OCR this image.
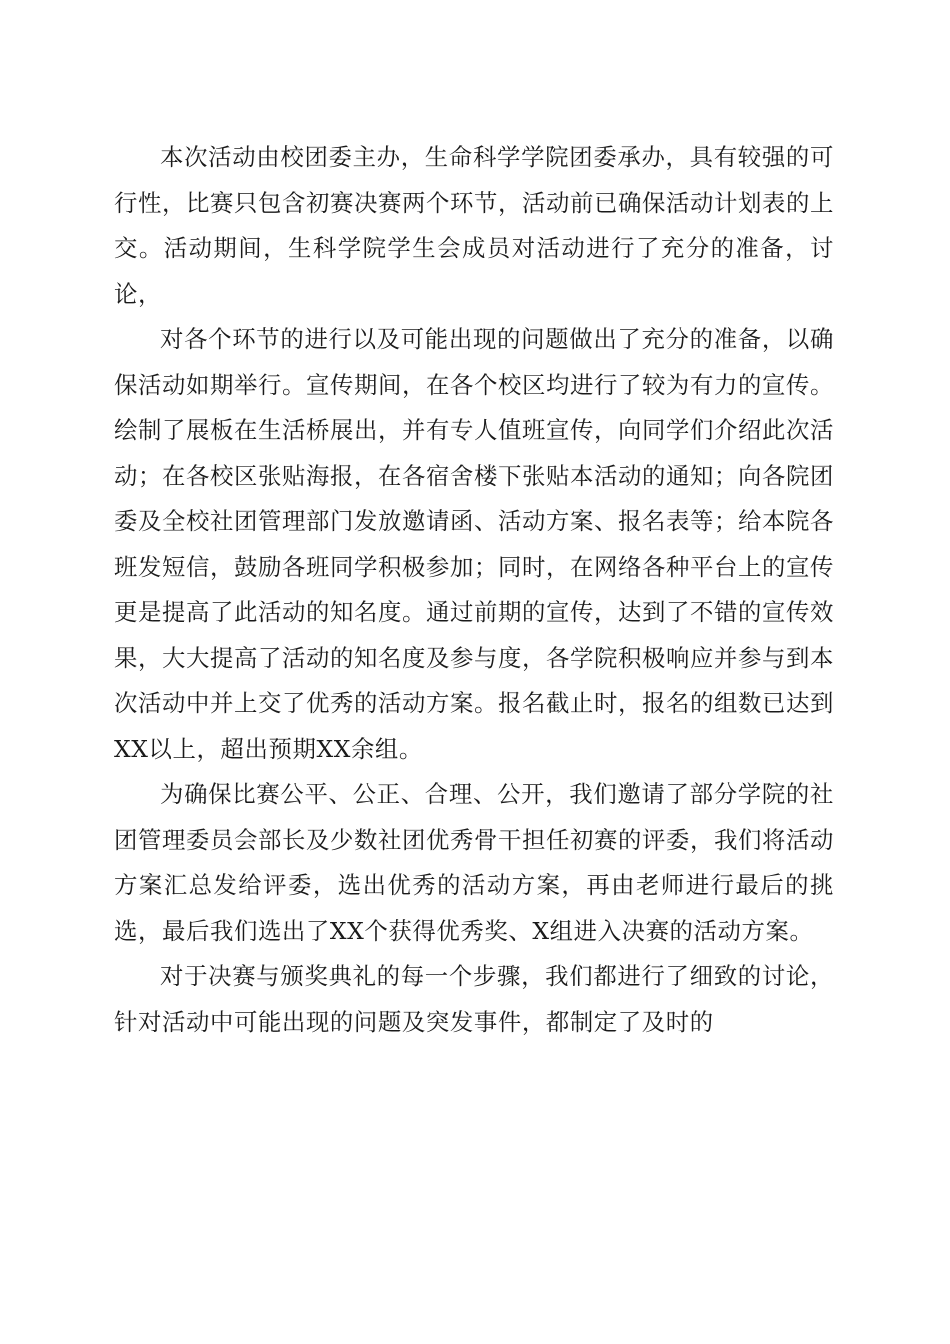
本次活动由校团委主办，生命科学学院团委承办，具有较强的可行性，比赛只包含初赛决赛两个环节，活动前已确保活动计划表的上交。活动期间，生科学院学生会成员对活动进行了充分的准备，讨论，

对各个环节的进行以及可能出现的问题做出了充分的准备，以确保活动如期举行。宣传期间，在各个校区均进行了较为有力的宣传。绘制了展板在生活桥展出，并有专人值班宣传，向同学们介绍此次活动；在各校区张贴海报，在各宿舍楼下张贴本活动的通知；向各院团委及全校社团管理部门发放邀请函、活动方案、报名表等；给本院各班发短信，鼓励各班同学积极参加；同时，在网络各种平台上的宣传更是提高了此活动的知名度。通过前期的宣传，达到了不错的宣传效果，大大提高了活动的知名度及参与度，各学院积极响应并参与到本次活动中并上交了优秀的活动方案。报名截止时，报名的组数已达到XX以上，超出预期XX余组。

为确保比赛公平、公正、合理、公开，我们邀请了部分学院的社团管理委员会部长及少数社团优秀骨干担任初赛的评委，我们将活动方案汇总发给评委，选出优秀的活动方案，再由老师进行最后的挑选，最后我们选出了XX个获得优秀奖、X组进入决赛的活动方案。

对于决赛与颁奖典礼的每一个步骤，我们都进行了细致的讨论，针对活动中可能出现的问题及突发事件，都制定了及时的
